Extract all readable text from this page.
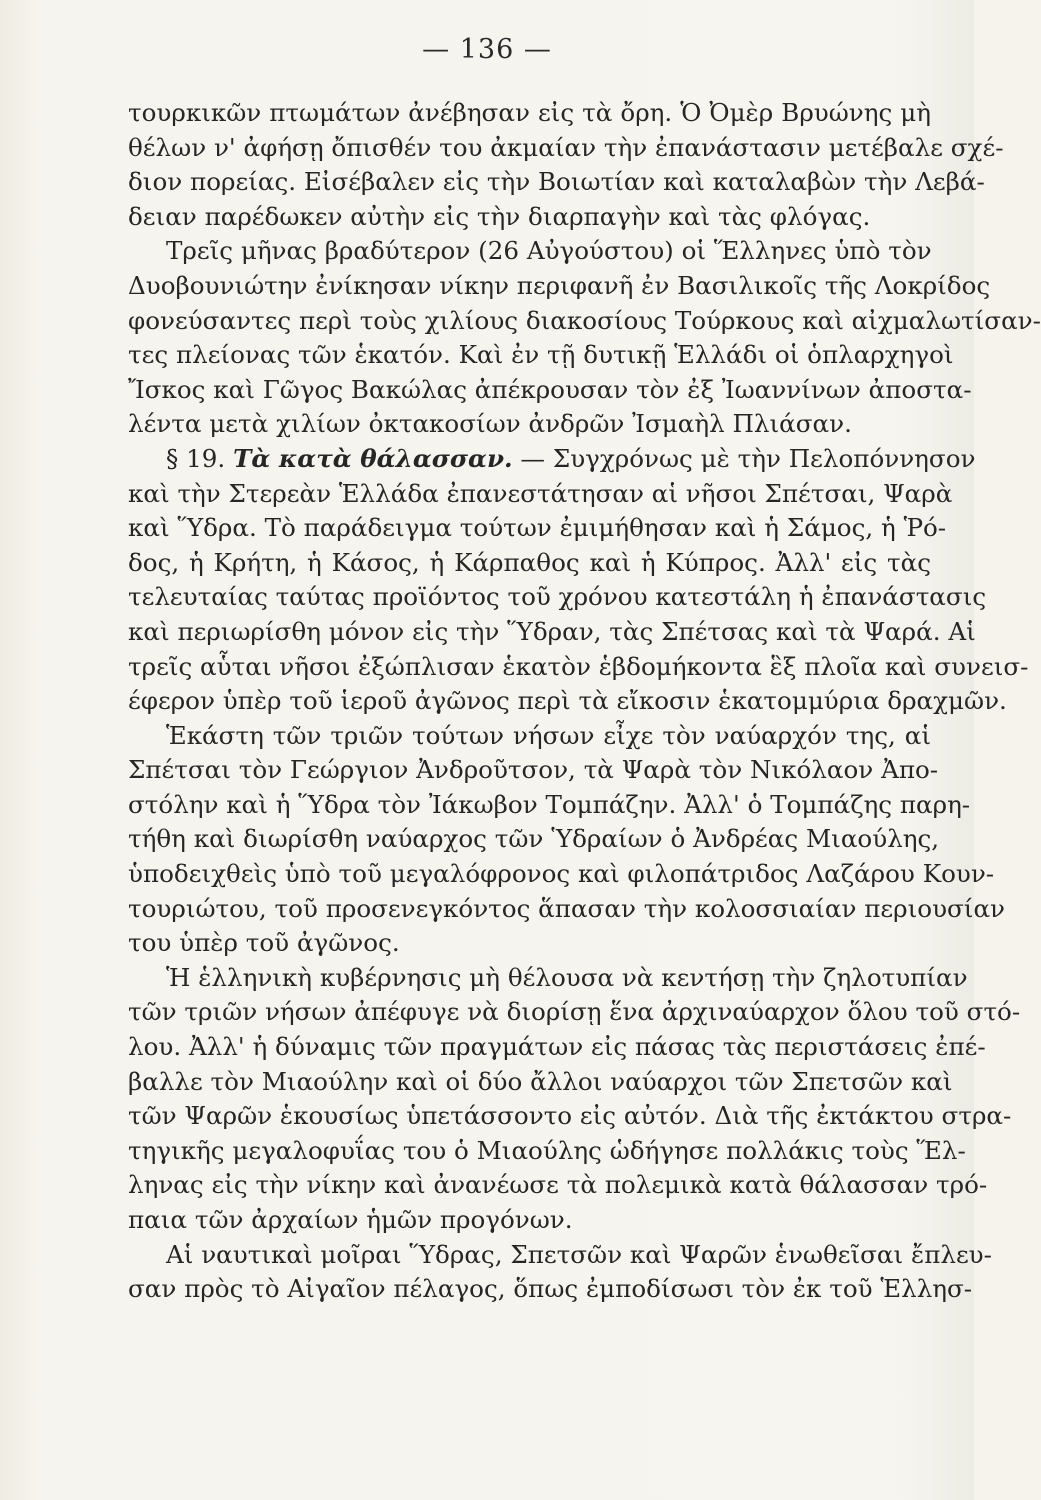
— 136 —
τουρκικῶν πτωμάτων ἀνέβησαν εἰς τὰ ὄρη. Ὁ Ὀμὲρ Βρυώνης μὴ
θέλων ν' ἀφήσῃ ὄπισθέν του ἀκμαίαν τὴν ἐπανάστασιν μετέβαλε σχέ-
διον πορείας. Εἰσέβαλεν εἰς τὴν Βοιωτίαν καὶ καταλαβὼν τὴν Λεβά-
δειαν παρέδωκεν αὐτὴν εἰς τὴν διαρπαγὴν καὶ τὰς φλόγας.
Τρεῖς μῆνας βραδύτερον (26 Αὐγούστου) οἱ Ἕλληνες ὑπὸ τὸν
Δυοβουνιώτην ἐνίκησαν νίκην περιφανῆ ἐν Βασιλικοῖς τῆς Λοκρίδος
φονεύσαντες περὶ τοὺς χιλίους διακοσίους Τούρκους καὶ αἰχμαλωτίσαν-
τες πλείονας τῶν ἑκατόν. Καὶ ἐν τῇ δυτικῇ Ἑλλάδι οἱ ὁπλαρχηγοὶ
Ἴσκος καὶ Γῶγος Βακώλας ἀπέκρουσαν τὸν ἐξ Ἰωαννίνων ἀποστα-
λέντα μετὰ χιλίων ὀκτακοσίων ἀνδρῶν Ἰσμαὴλ Πλιάσαν.
§ 19. Τὰ κατὰ θάλασσαν. — Συγχρόνως μὲ τὴν Πελοπόννησον
καὶ τὴν Στερεὰν Ἑλλάδα ἐπανεστάτησαν αἱ νῆσοι Σπέτσαι, Ψαρὰ
καὶ Ὕδρα. Τὸ παράδειγμα τούτων ἐμιμήθησαν καὶ ἡ Σάμος, ἡ Ῥό-
δος, ἡ Κρήτη, ἡ Κάσος, ἡ Κάρπαθος καὶ ἡ Κύπρος. Ἀλλ' εἰς τὰς
τελευταίας ταύτας προϊόντος τοῦ χρόνου κατεστάλη ἡ ἐπανάστασις
καὶ περιωρίσθη μόνον εἰς τὴν Ὕδραν, τὰς Σπέτσας καὶ τὰ Ψαρά. Αἱ
τρεῖς αὗται νῆσοι ἐξώπλισαν ἑκατὸν ἑβδομήκοντα ἓξ πλοῖα καὶ συνεισ-
έφερον ὑπὲρ τοῦ ἱεροῦ ἀγῶνος περὶ τὰ εἴκοσιν ἑκατομμύρια δραχμῶν.
Ἑκάστη τῶν τριῶν τούτων νήσων εἶχε τὸν ναύαρχόν της, αἱ
Σπέτσαι τὸν Γεώργιον Ἀνδροῦτσον, τὰ Ψαρὰ τὸν Νικόλαον Ἀπο-
στόλην καὶ ἡ Ὕδρα τὸν Ἰάκωβον Τομπάζην. Ἀλλ' ὁ Τομπάζης παρη-
τήθη καὶ διωρίσθη ναύαρχος τῶν Ὑδραίων ὁ Ἀνδρέας Μιαούλης,
ὑποδειχθεὶς ὑπὸ τοῦ μεγαλόφρονος καὶ φιλοπάτριδος Λαζάρου Κουν-
τουριώτου, τοῦ προσενεγκόντος ἅπασαν τὴν κολοσσιαίαν περιουσίαν
του ὑπὲρ τοῦ ἀγῶνος.
Ἡ ἑλληνικὴ κυβέρνησις μὴ θέλουσα νὰ κεντήσῃ τὴν ζηλοτυπίαν
τῶν τριῶν νήσων ἀπέφυγε νὰ διορίσῃ ἕνα ἀρχιναύαρχον ὅλου τοῦ στό-
λου. Ἀλλ' ἡ δύναμις τῶν πραγμάτων εἰς πάσας τὰς περιστάσεις ἐπέ-
βαλλε τὸν Μιαούλην καὶ οἱ δύο ἄλλοι ναύαρχοι τῶν Σπετσῶν καὶ
τῶν Ψαρῶν ἑκουσίως ὑπετάσσοντο εἰς αὐτόν. Διὰ τῆς ἐκτάκτου στρα-
τηγικῆς μεγαλοφυΐας του ὁ Μιαούλης ὡδήγησε πολλάκις τοὺς Ἕλ-
ληνας εἰς τὴν νίκην καὶ ἀνανέωσε τὰ πολεμικὰ κατὰ θάλασσαν τρό-
παια τῶν ἀρχαίων ἡμῶν προγόνων.
Αἱ ναυτικαὶ μοῖραι Ὕδρας, Σπετσῶν καὶ Ψαρῶν ἑνωθεῖσαι ἔπλευ-
σαν πρὸς τὸ Αἰγαῖον πέλαγος, ὅπως ἐμποδίσωσι τὸν ἐκ τοῦ Ἑλλησ-
